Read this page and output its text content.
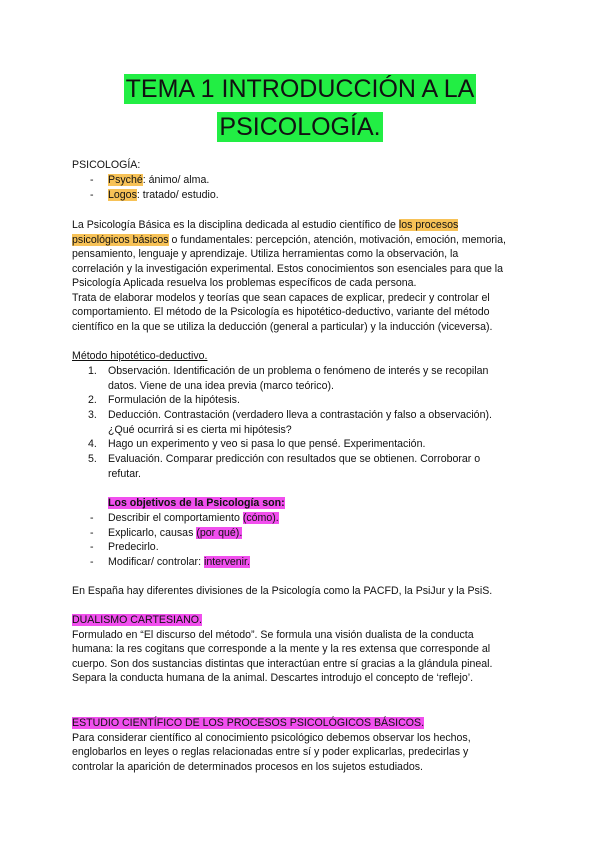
TEMA 1 INTRODUCCIÓN A LA
PSICOLOGÍA.
PSICOLOGÍA:
- Psyché: ánimo/ alma.
- Logos: tratado/ estudio.
La Psicología Básica es la disciplina dedicada al estudio científico de los procesos
psicológicos básicos o fundamentales: percepción, atención, motivación, emoción, memoria,
pensamiento, lenguaje y aprendizaje. Utiliza herramientas como la observación, la
correlación y la investigación experimental. Estos conocimientos son esenciales para que la
Psicología Aplicada resuelva los problemas específicos de cada persona.
Trata de elaborar modelos y teorías que sean capaces de explicar, predecir y controlar el
comportamiento. El método de la Psicología es hipotético-deductivo, variante del método
científico en la que se utiliza la deducción (general a particular) y la inducción (viceversa).
Método hipotético-deductivo.
1. Observación. Identificación de un problema o fenómeno de interés y se recopilan
datos. Viene de una idea previa (marco teórico).
2. Formulación de la hipótesis.
3. Deducción. Contrastación (verdadero lleva a contrastación y falso a observación).
¿Qué ocurrirá si es cierta mi hipótesis?
4. Hago un experimento y veo si pasa lo que pensé. Experimentación.
5. Evaluación. Comparar predicción con resultados que se obtienen. Corroborar o
refutar.
Los objetivos de la Psicología son:
- Describir el comportamiento (cómo).
- Explicarlo, causas (por qué).
- Predecirlo.
- Modificar/ controlar: intervenir.
En España hay diferentes divisiones de la Psicología como la PACFD, la PsiJur y la PsiS.
DUALISMO CARTESIANO.
Formulado en “El discurso del método”. Se formula una visión dualista de la conducta
humana: la res cogitans que corresponde a la mente y la res extensa que corresponde al
cuerpo. Son dos sustancias distintas que interactúan entre sí gracias a la glándula pineal.
Separa la conducta humana de la animal. Descartes introdujo el concepto de ‘reflejo’.
ESTUDIO CIENTÍFICO DE LOS PROCESOS PSICOLÓGICOS BÁSICOS.
Para considerar científico al conocimiento psicológico debemos observar los hechos,
englobarlos en leyes o reglas relacionadas entre sí y poder explicarlas, predecirlas y
controlar la aparición de determinados procesos en los sujetos estudiados.
